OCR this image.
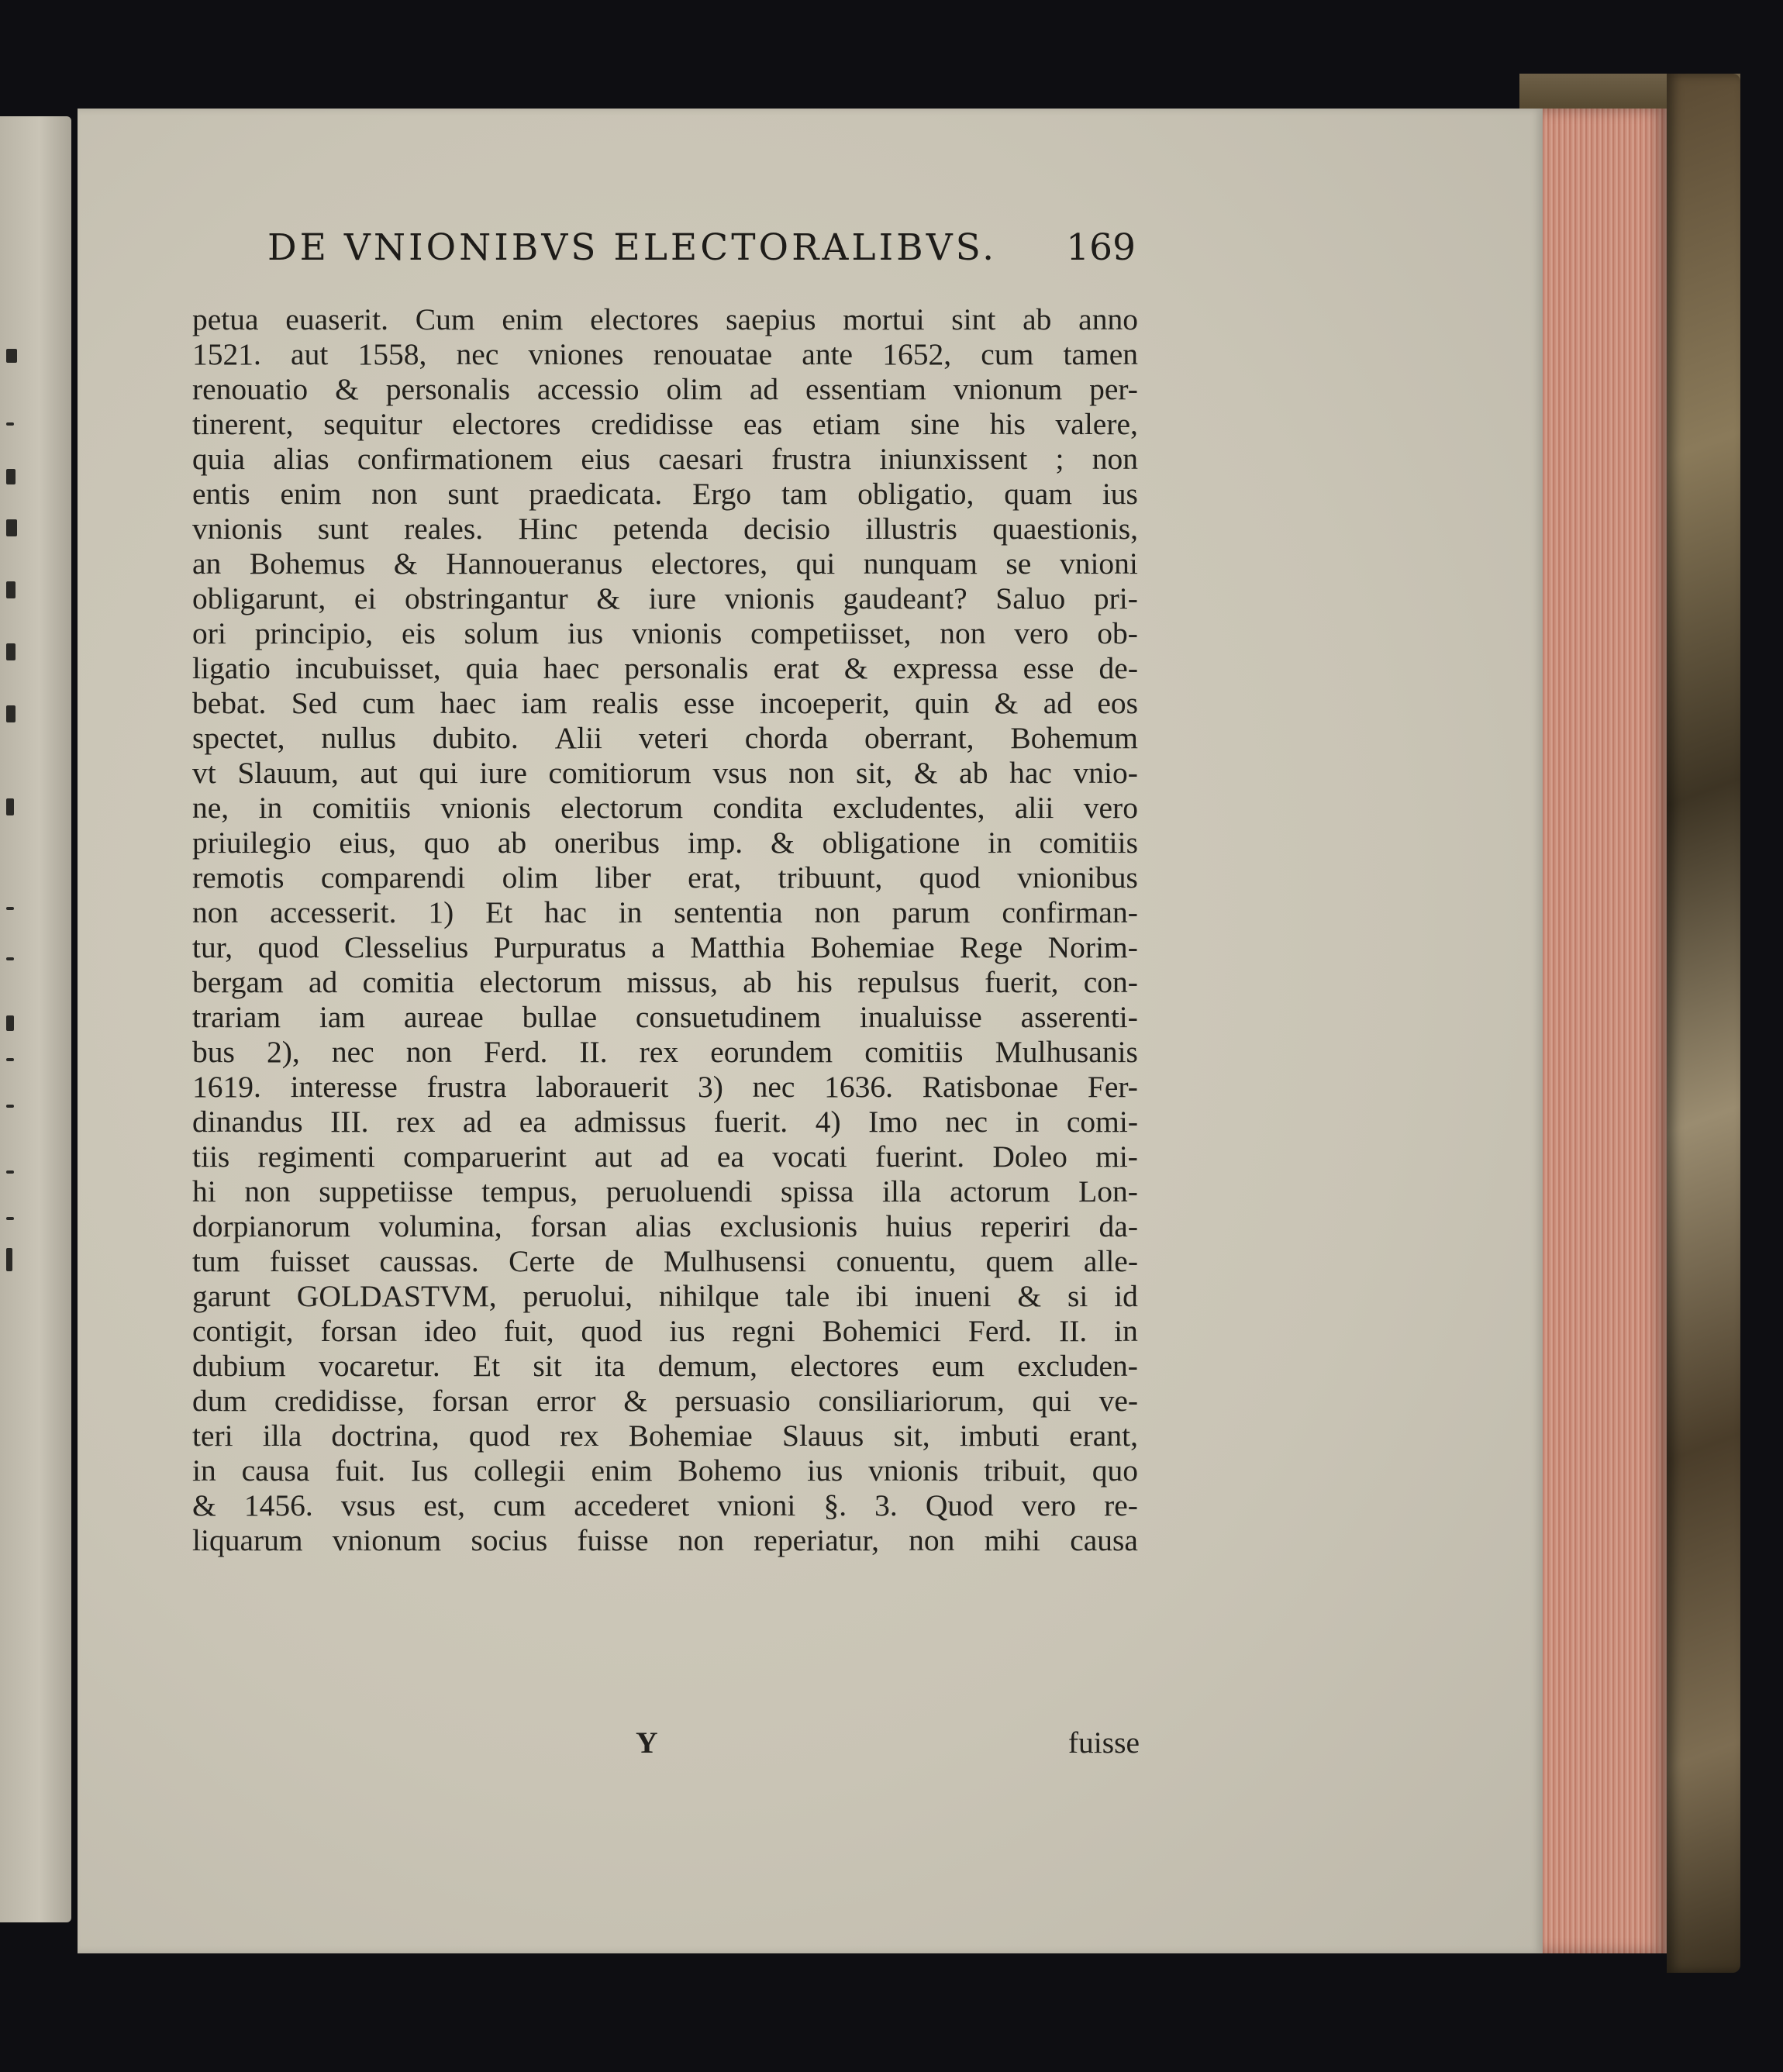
DE VNIONIBVS ELECTORALIBVS. 169
petua euaserit. Cum enim electores saepius mortui sint ab anno
1521. aut 1558, nec vniones renouatae ante 1652, cum tamen
renouatio & personalis accessio olim ad essentiam vnionum per-
tinerent, sequitur electores credidisse eas etiam sine his valere,
quia alias confirmationem eius caesari frustra iniunxissent ; non
entis enim non sunt praedicata. Ergo tam obligatio, quam ius
vnionis sunt reales. Hinc petenda decisio illustris quaestionis,
an Bohemus & Hannoueranus electores, qui nunquam se vnioni
obligarunt, ei obstringantur & iure vnionis gaudeant? Saluo pri-
ori principio, eis solum ius vnionis competiisset, non vero ob-
ligatio incubuisset, quia haec personalis erat & expressa esse de-
bebat. Sed cum haec iam realis esse incoeperit, quin & ad eos
spectet, nullus dubito. Alii veteri chorda oberrant, Bohemum
vt Slauum, aut qui iure comitiorum vsus non sit, & ab hac vnio-
ne, in comitiis vnionis electorum condita excludentes, alii vero
priuilegio eius, quo ab oneribus imp. & obligatione in comitiis
remotis comparendi olim liber erat, tribuunt, quod vnionibus
non accesserit. 1) Et hac in sententia non parum confirman-
tur, quod Clesselius Purpuratus a Matthia Bohemiae Rege Norim-
bergam ad comitia electorum missus, ab his repulsus fuerit, con-
trariam iam aureae bullae consuetudinem inualuisse asserenti-
bus 2), nec non Ferd. II. rex eorundem comitiis Mulhusanis
1619. interesse frustra laborauerit 3) nec 1636. Ratisbonae Fer-
dinandus III. rex ad ea admissus fuerit. 4) Imo nec in comi-
tiis regimenti comparuerint aut ad ea vocati fuerint. Doleo mi-
hi non suppetiisse tempus, peruoluendi spissa illa actorum Lon-
dorpianorum volumina, forsan alias exclusionis huius reperiri da-
tum fuisset caussas. Certe de Mulhusensi conuentu, quem alle-
garunt GOLDASTVM, peruolui, nihilque tale ibi inueni & si id
contigit, forsan ideo fuit, quod ius regni Bohemici Ferd. II. in
dubium vocaretur. Et sit ita demum, electores eum excluden-
dum credidisse, forsan error & persuasio consiliariorum, qui ve-
teri illa doctrina, quod rex Bohemiae Slauus sit, imbuti erant,
in causa fuit. Ius collegii enim Bohemo ius vnionis tribuit, quo
& 1456. vsus est, cum accederet vnioni §. 3. Quod vero re-
liquarum vnionum socius fuisse non reperiatur, non mihi causa
Y	fuisse
